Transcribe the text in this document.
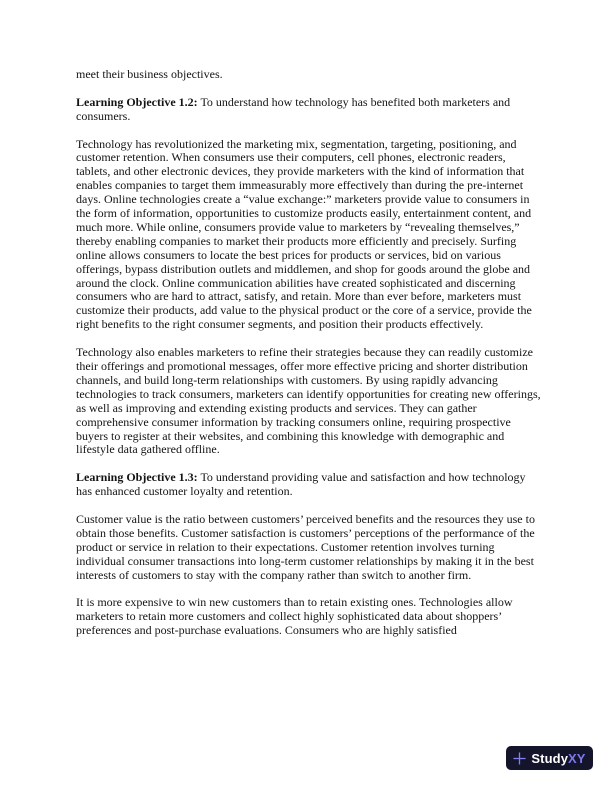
meet their business objectives.

Learning Objective 1.2: To understand how technology has benefited both marketers and consumers.

Technology has revolutionized the marketing mix, segmentation, targeting, positioning, and customer retention. When consumers use their computers, cell phones, electronic readers, tablets, and other electronic devices, they provide marketers with the kind of information that enables companies to target them immeasurably more effectively than during the pre-internet days. Online technologies create a “value exchange:” marketers provide value to consumers in the form of information, opportunities to customize products easily, entertainment content, and much more. While online, consumers provide value to marketers by “revealing themselves,” thereby enabling companies to market their products more efficiently and precisely. Surfing online allows consumers to locate the best prices for products or services, bid on various offerings, bypass distribution outlets and middlemen, and shop for goods around the globe and around the clock. Online communication abilities have created sophisticated and discerning consumers who are hard to attract, satisfy, and retain. More than ever before, marketers must customize their products, add value to the physical product or the core of a service, provide the right benefits to the right consumer segments, and position their products effectively.

Technology also enables marketers to refine their strategies because they can readily customize their offerings and promotional messages, offer more effective pricing and shorter distribution channels, and build long-term relationships with customers. By using rapidly advancing technologies to track consumers, marketers can identify opportunities for creating new offerings, as well as improving and extending existing products and services. They can gather comprehensive consumer information by tracking consumers online, requiring prospective buyers to register at their websites, and combining this knowledge with demographic and lifestyle data gathered offline.

Learning Objective 1.3: To understand providing value and satisfaction and how technology has enhanced customer loyalty and retention.

Customer value is the ratio between customers’ perceived benefits and the resources they use to obtain those benefits. Customer satisfaction is customers’ perceptions of the performance of the product or service in relation to their expectations. Customer retention involves turning individual consumer transactions into long-term customer relationships by making it in the best interests of customers to stay with the company rather than switch to another firm.

It is more expensive to win new customers than to retain existing ones. Technologies allow marketers to retain more customers and collect highly sophisticated data about shoppers’ preferences and post-purchase evaluations. Consumers who are highly satisfied

StudyXY
